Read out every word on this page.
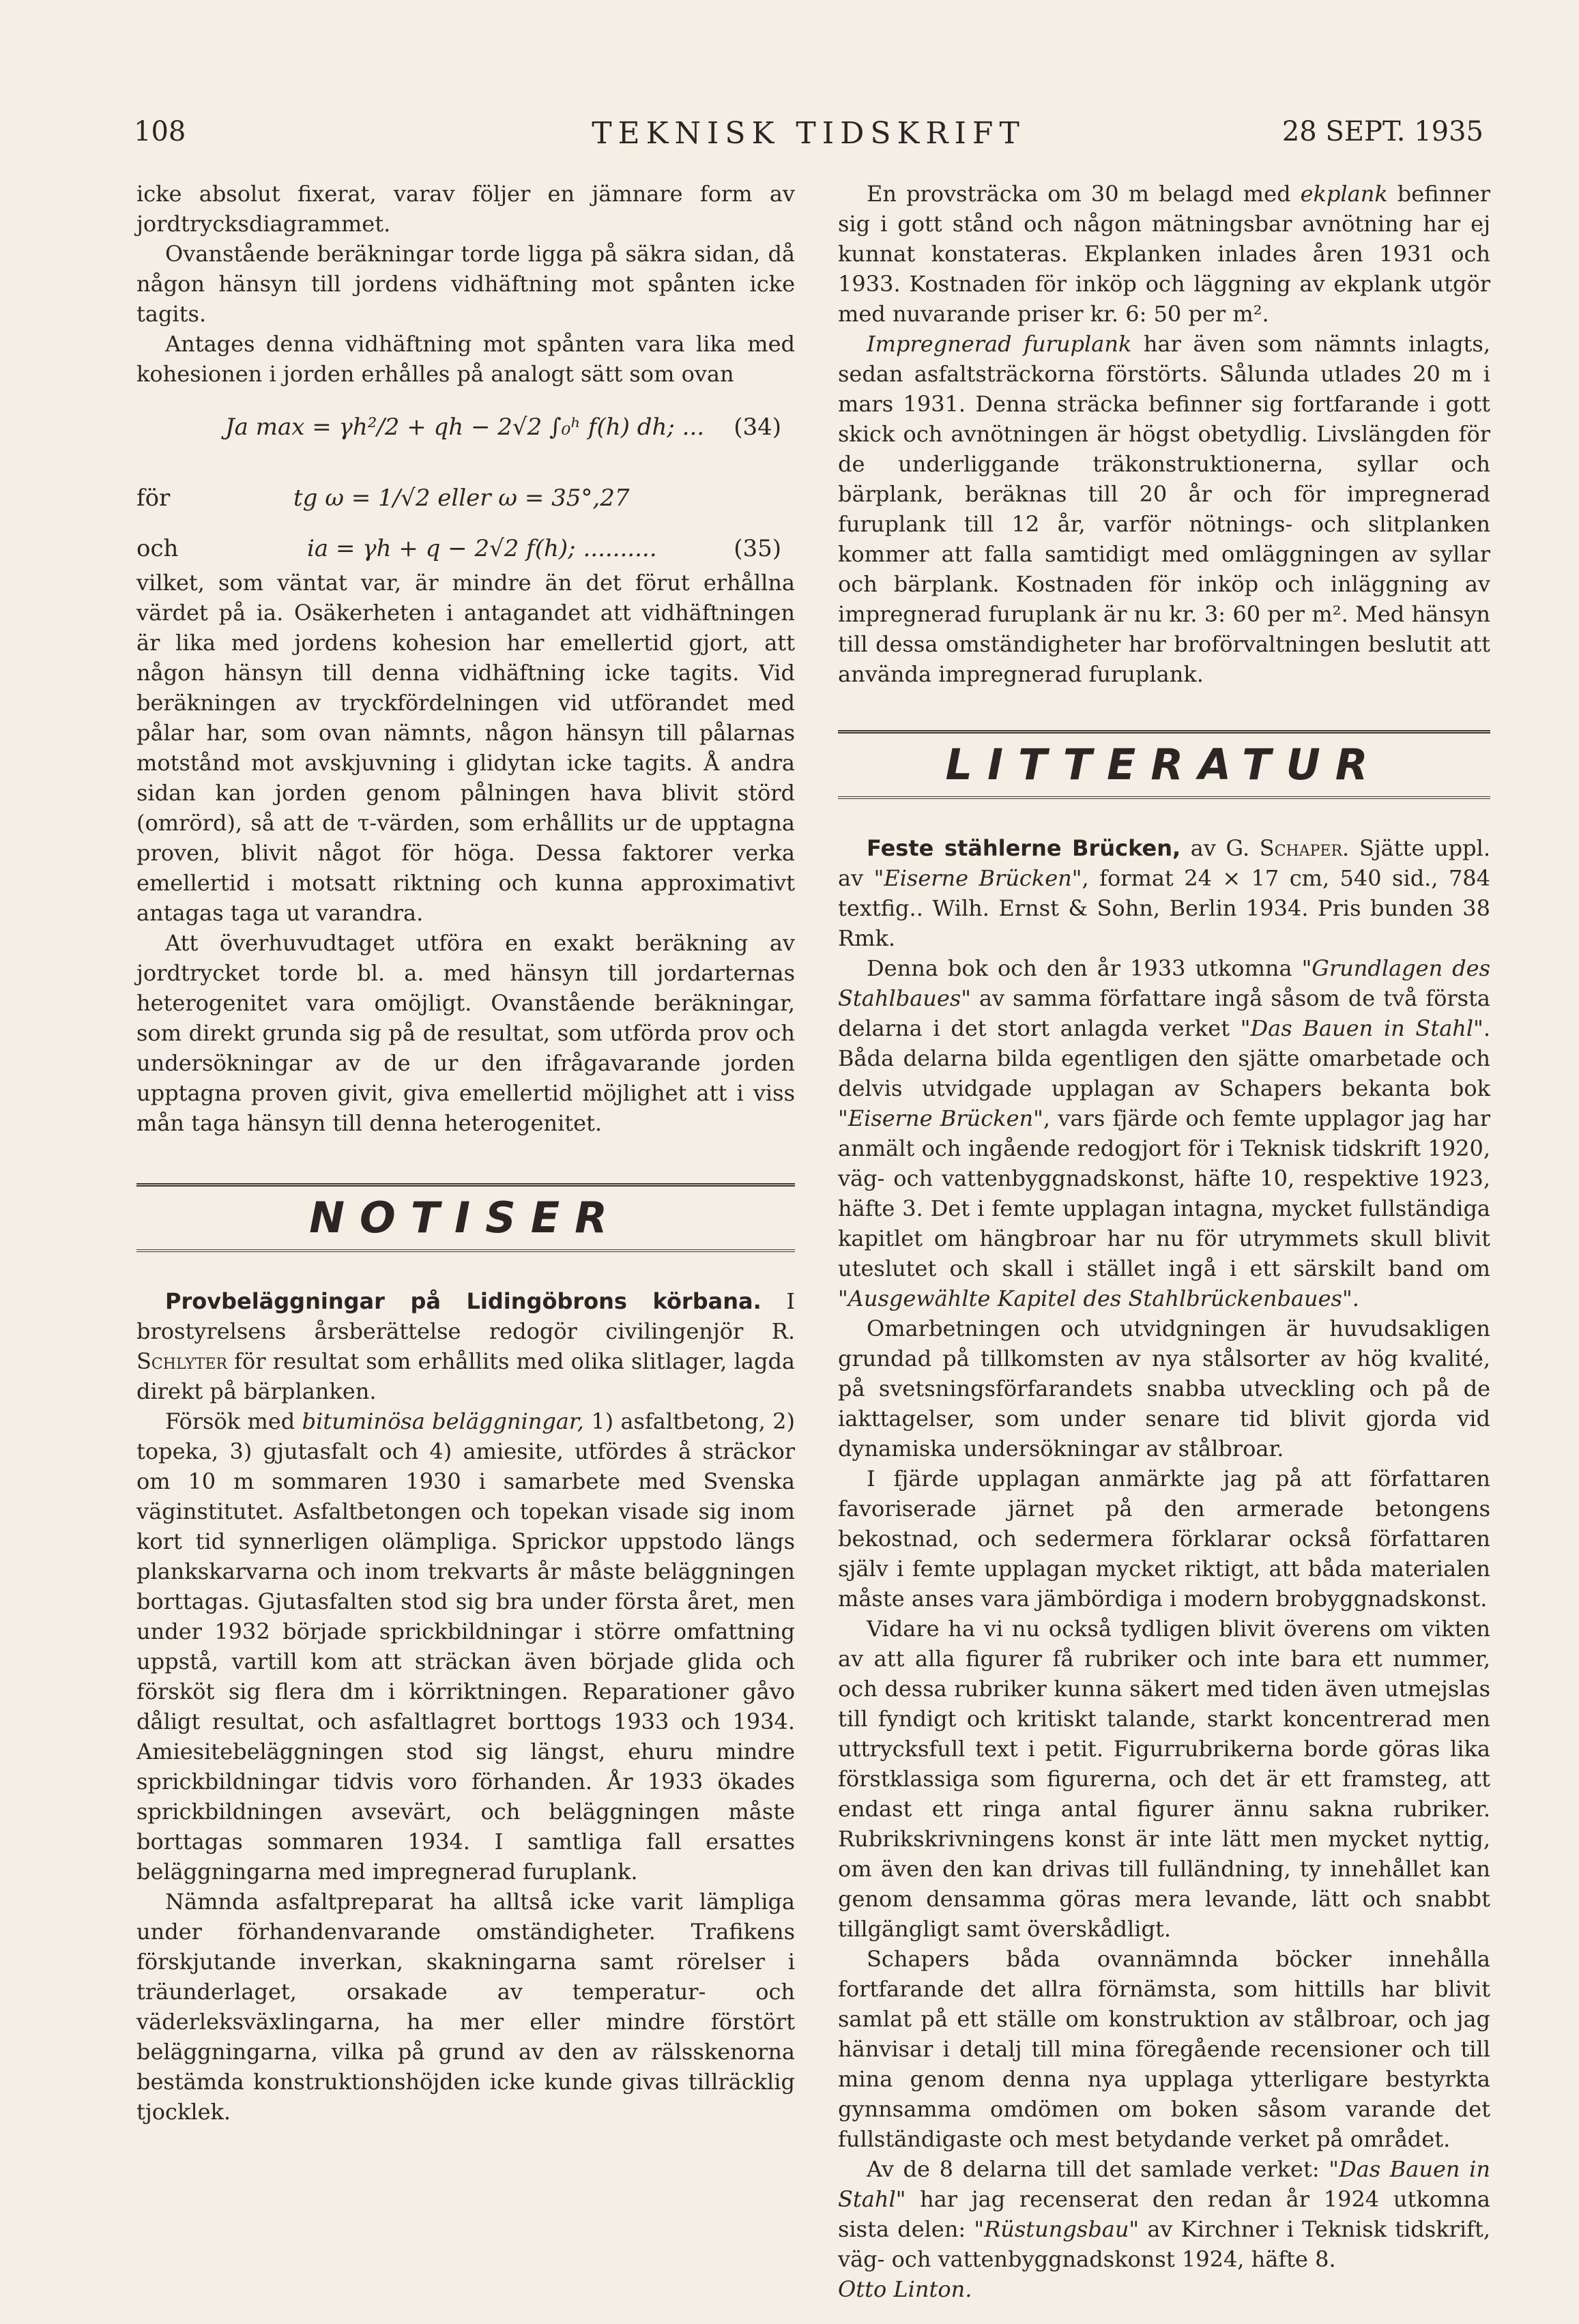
108	TEKNISK TIDSKRIFT	28 SEPT. 1935

icke absolut fixerat, varav följer en jämnare form av jordtrycksdiagrammet.

Ovanstående beräkningar torde ligga på säkra sidan, då någon hänsyn till jordens vidhäftning mot spånten icke tagits.

Antages denna vidhäftning mot spånten vara lika med kohesionen i jorden erhålles på analogt sätt som ovan

Ja max = γh²/2 + qh − 2√2 ∫₀ʰ f(h) dh; ... (34)
för	tg ω = 1/√2 eller ω = 35°,27
och	ia = γh + q − 2√2 f(h); ..........	(35)

vilket, som väntat var, är mindre än det förut erhållna värdet på ia. Osäkerheten i antagandet att vidhäftningen är lika med jordens kohesion har emellertid gjort, att någon hänsyn till denna vidhäftning icke tagits. Vid beräkningen av tryckfördelningen vid utförandet med pålar har, som ovan nämnts, någon hänsyn till pålarnas motstånd mot avskjuvning i glidytan icke tagits. Å andra sidan kan jorden genom pålningen hava blivit störd (omrörd), så att de τ-värden, som erhållits ur de upptagna proven, blivit något för höga. Dessa faktorer verka emellertid i motsatt riktning och kunna approximativt antagas taga ut varandra.

Att överhuvudtaget utföra en exakt beräkning av jordtrycket torde bl. a. med hänsyn till jordarternas heterogenitet vara omöjligt. Ovanstående beräkningar, som direkt grunda sig på de resultat, som utförda prov och undersökningar av de ur den ifrågavarande jorden upptagna proven givit, giva emellertid möjlighet att i viss mån taga hänsyn till denna heterogenitet.

NOTISER

Provbeläggningar på Lidingöbrons körbana. I brostyrelsens årsberättelse redogör civilingenjör R. Schlyter för resultat som erhållits med olika slitlager, lagda direkt på bärplanken.

Försök med bituminösa beläggningar, 1) asfaltbetong, 2) topeka, 3) gjutasfalt och 4) amiesite, utfördes å sträckor om 10 m sommaren 1930 i samarbete med Svenska väginstitutet. Asfaltbetongen och topekan visade sig inom kort tid synnerligen olämpliga. Sprickor uppstodo längs plankskarvarna och inom trekvarts år måste beläggningen borttagas. Gjutasfalten stod sig bra under första året, men under 1932 började sprickbildningar i större omfattning uppstå, vartill kom att sträckan även började glida och försköt sig flera dm i körriktningen. Reparationer gåvo dåligt resultat, och asfaltlagret borttogs 1933 och 1934. Amiesitebeläggningen stod sig längst, ehuru mindre sprickbildningar tidvis voro förhanden. År 1933 ökades sprickbildningen avsevärt, och beläggningen måste borttagas sommaren 1934. I samtliga fall ersattes beläggningarna med impregnerad furuplank.

Nämnda asfaltpreparat ha alltså icke varit lämpliga under förhandenvarande omständigheter. Trafikens förskjutande inverkan, skakningarna samt rörelser i träunderlaget, orsakade av temperatur- och väderleksväxlingarna, ha mer eller mindre förstört beläggningarna, vilka på grund av den av rälsskenorna bestämda konstruktionshöjden icke kunde givas tillräcklig tjocklek.

En provsträcka om 30 m belagd med ekplank befinner sig i gott stånd och någon mätningsbar avnötning har ej kunnat konstateras. Ekplanken inlades åren 1931 och 1933. Kostnaden för inköp och läggning av ekplank utgör med nuvarande priser kr. 6: 50 per m².

Impregnerad furuplank har även som nämnts inlagts, sedan asfaltsträckorna förstörts. Sålunda utlades 20 m i mars 1931. Denna sträcka befinner sig fortfarande i gott skick och avnötningen är högst obetydlig. Livslängden för de underliggande träkonstruktionerna, syllar och bärplank, beräknas till 20 år och för impregnerad furuplank till 12 år, varför nötnings- och slitplanken kommer att falla samtidigt med omläggningen av syllar och bärplank. Kostnaden för inköp och inläggning av impregnerad furuplank är nu kr. 3: 60 per m². Med hänsyn till dessa omständigheter har broförvaltningen beslutit att använda impregnerad furuplank.

LITTERATUR

Feste stählerne Brücken, av G. Schaper. Sjätte uppl. av "Eiserne Brücken", format 24 × 17 cm, 540 sid., 784 textfig.. Wilh. Ernst & Sohn, Berlin 1934. Pris bunden 38 Rmk.

Denna bok och den år 1933 utkomna "Grundlagen des Stahlbaues" av samma författare ingå såsom de två första delarna i det stort anlagda verket "Das Bauen in Stahl". Båda delarna bilda egentligen den sjätte omarbetade och delvis utvidgade upplagan av Schapers bekanta bok "Eiserne Brücken", vars fjärde och femte upplagor jag har anmält och ingående redogjort för i Teknisk tidskrift 1920, väg- och vattenbyggnadskonst, häfte 10, respektive 1923, häfte 3. Det i femte upplagan intagna, mycket fullständiga kapitlet om hängbroar har nu för utrymmets skull blivit uteslutet och skall i stället ingå i ett särskilt band om "Ausgewählte Kapitel des Stahlbrückenbaues".

Omarbetningen och utvidgningen är huvudsakligen grundad på tillkomsten av nya stålsorter av hög kvalité, på svetsningsförfarandets snabba utveckling och på de iakttagelser, som under senare tid blivit gjorda vid dynamiska undersökningar av stålbroar.

I fjärde upplagan anmärkte jag på att författaren favoriserade järnet på den armerade betongens bekostnad, och sedermera förklarar också författaren själv i femte upplagan mycket riktigt, att båda materialen måste anses vara jämbördiga i modern brobyggnadskonst.

Vidare ha vi nu också tydligen blivit överens om vikten av att alla figurer få rubriker och inte bara ett nummer, och dessa rubriker kunna säkert med tiden även utmejslas till fyndigt och kritiskt talande, starkt koncentrerad men uttrycksfull text i petit. Figurrubrikerna borde göras lika förstklassiga som figurerna, och det är ett framsteg, att endast ett ringa antal figurer ännu sakna rubriker. Rubrikskrivningens konst är inte lätt men mycket nyttig, om även den kan drivas till fulländning, ty innehållet kan genom densamma göras mera levande, lätt och snabbt tillgängligt samt överskådligt.

Schapers båda ovannämnda böcker innehålla fortfarande det allra förnämsta, som hittills har blivit samlat på ett ställe om konstruktion av stålbroar, och jag hänvisar i detalj till mina föregående recensioner och till mina genom denna nya upplaga ytterligare bestyrkta gynnsamma omdömen om boken såsom varande det fullständigaste och mest betydande verket på området.

Av de 8 delarna till det samlade verket: "Das Bauen in Stahl" har jag recenserat den redan år 1924 utkomna sista delen: "Rüstungsbau" av Kirchner i Teknisk tidskrift, väg- och vattenbyggnadskonst 1924, häfte 8.

Otto Linton.
